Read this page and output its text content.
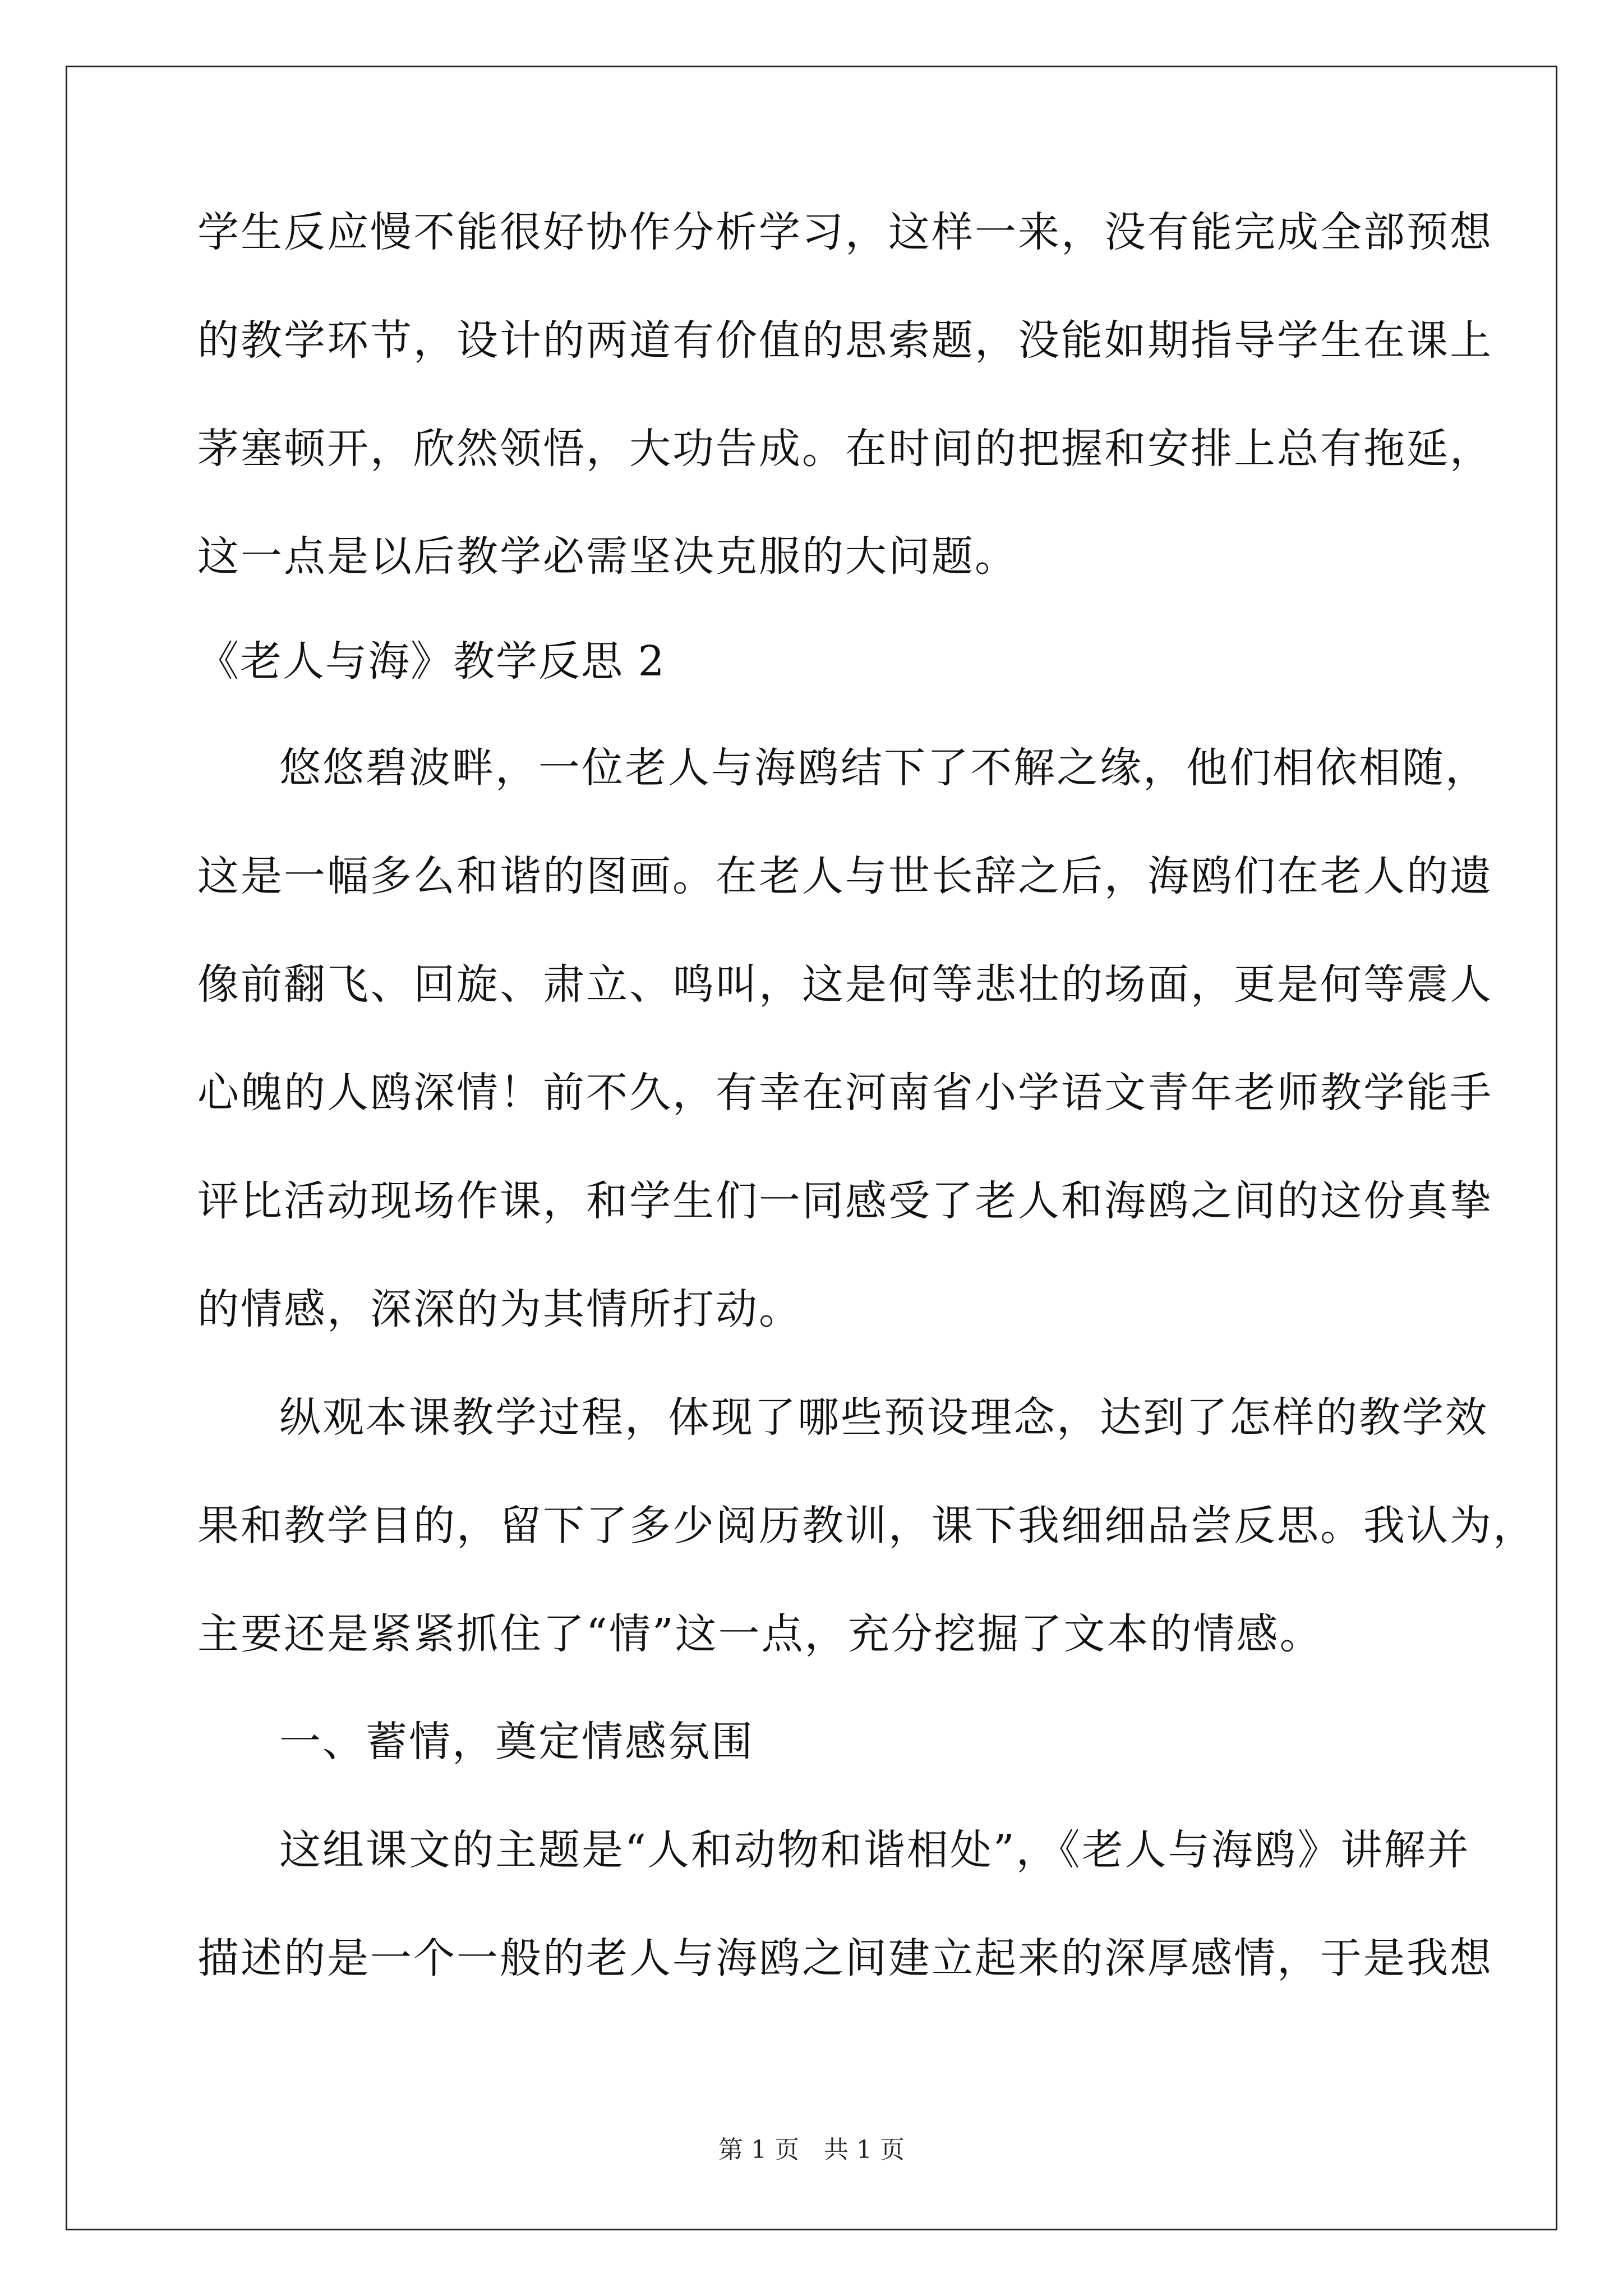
学生反应慢不能很好协作分析学习，这样一来，没有能完成全部预想
的教学环节，设计的两道有价值的思索题，没能如期指导学生在课上
茅塞顿开，欣然领悟，大功告成。在时间的把握和安排上总有拖延，
这一点是以后教学必需坚决克服的大问题。
《老人与海》教学反思 2
悠悠碧波畔，一位老人与海鸥结下了不解之缘，他们相依相随，
这是一幅多么和谐的图画。在老人与世长辞之后，海鸥们在老人的遗
像前翻飞、回旋、肃立、鸣叫，这是何等悲壮的场面，更是何等震人
心魄的人鸥深情！前不久，有幸在河南省小学语文青年老师教学能手
评比活动现场作课，和学生们一同感受了老人和海鸥之间的这份真挚
的情感，深深的为其情所打动。
纵观本课教学过程，体现了哪些预设理念，达到了怎样的教学效
果和教学目的，留下了多少阅历教训，课下我细细品尝反思。我认为，
主要还是紧紧抓住了“情”这一点，充分挖掘了文本的情感。
一、蓄情，奠定情感氛围
这组课文的主题是“人和动物和谐相处”，《老人与海鸥》讲解并
描述的是一个一般的老人与海鸥之间建立起来的深厚感情，于是我想
第 1 页　共 1 页
